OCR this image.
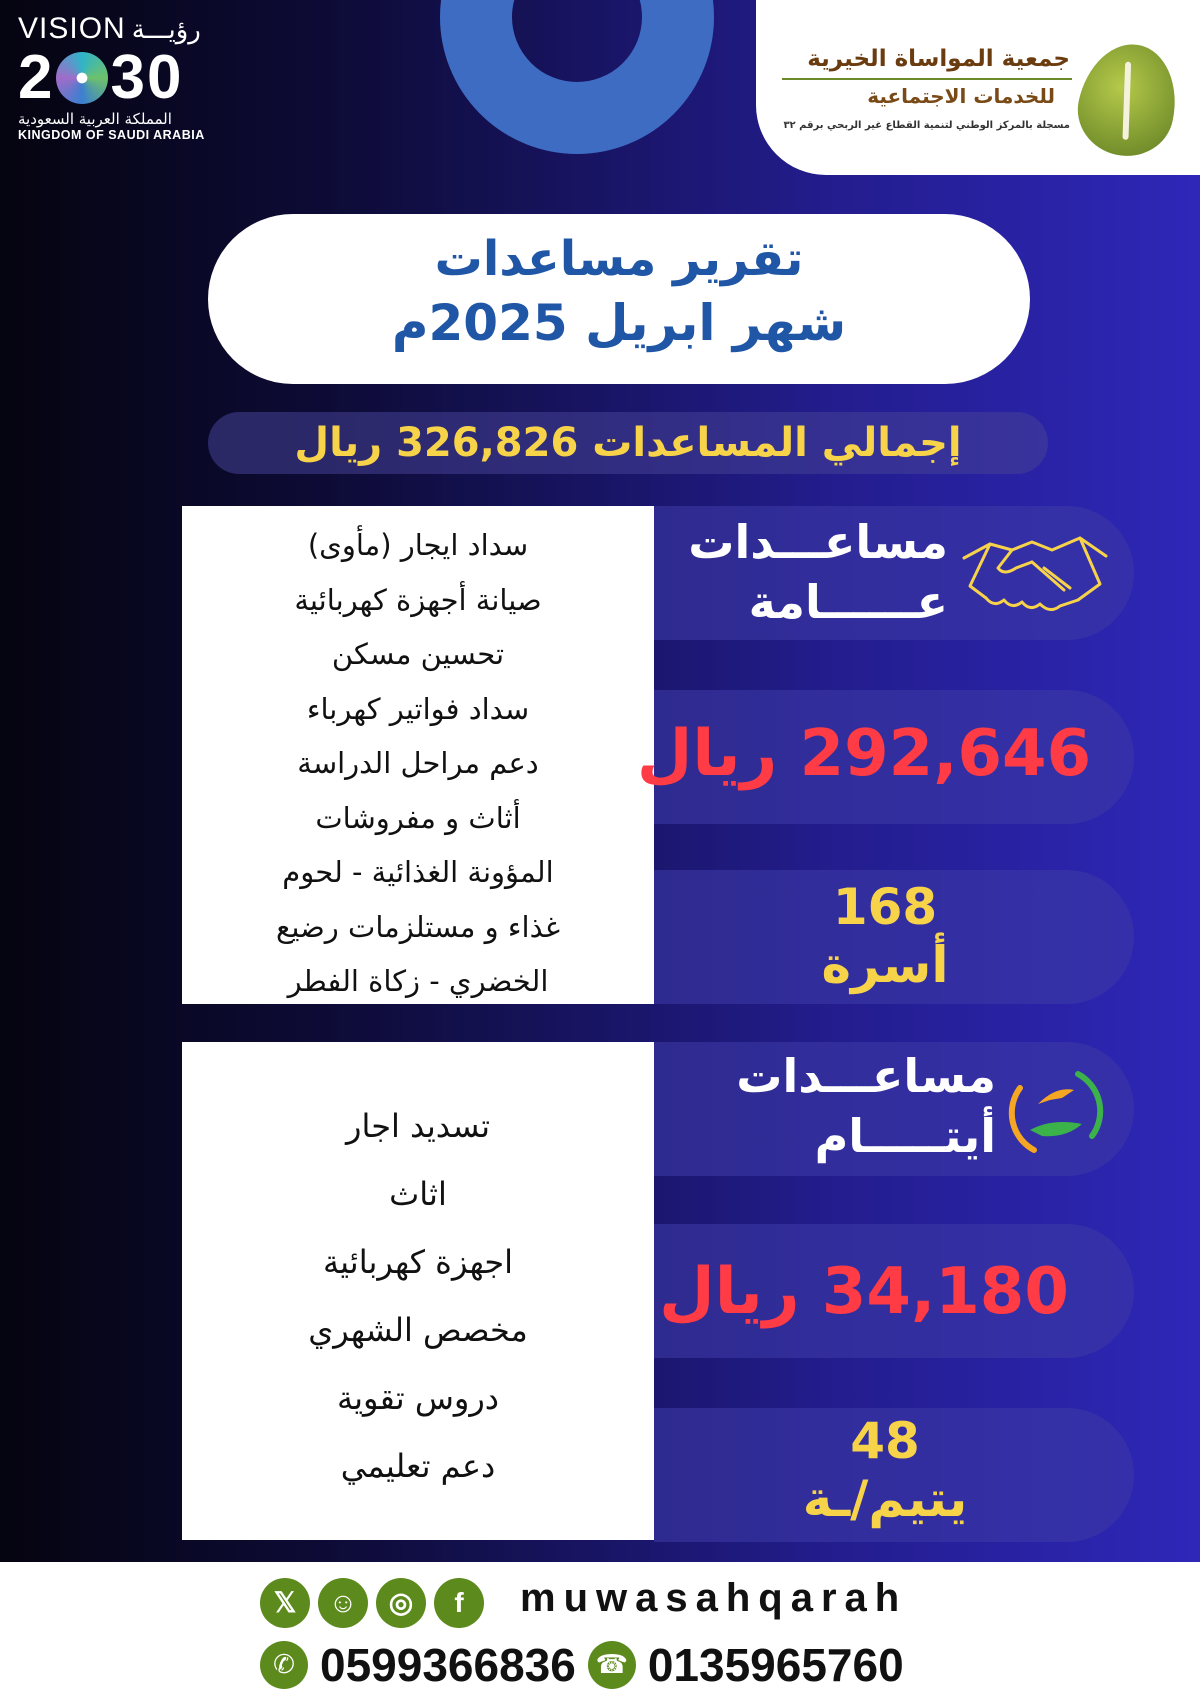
VISION رؤيـــة
2 30
المملكة العربية السعودية
KINGDOM OF SAUDI ARABIA
جمعية المواساة الخيرية
للخدمات الاجتماعية
مسجلة بالمركز الوطني لتنمية القطاع غير الربحي برقم ٣٢
تقرير مساعدات
شهر ابريل 2025م
إجمالي المساعدات 326,826 ريال
سداد ايجار (مأوى)
صيانة أجهزة كهربائية
تحسين مسكن
سداد فواتير كهرباء
دعم مراحل الدراسة
أثاث و مفروشات
المؤونة الغذائية - لحوم
غذاء و مستلزمات رضيع
الخضري - زكاة الفطر
مساعـــدات
عــــــامة
292,646 ريال
168
أسرة
تسديد اجار
اثاث
اجهزة كهربائية
مخصص الشهري
دروس تقوية
دعم تعليمي
مساعـــدات
أيتـــــام
34,180 ريال
48
يتيم/ـة
𝕏	☺	◎	f	muwasahqarah
✆ 0599366836 ☎ 0135965760
